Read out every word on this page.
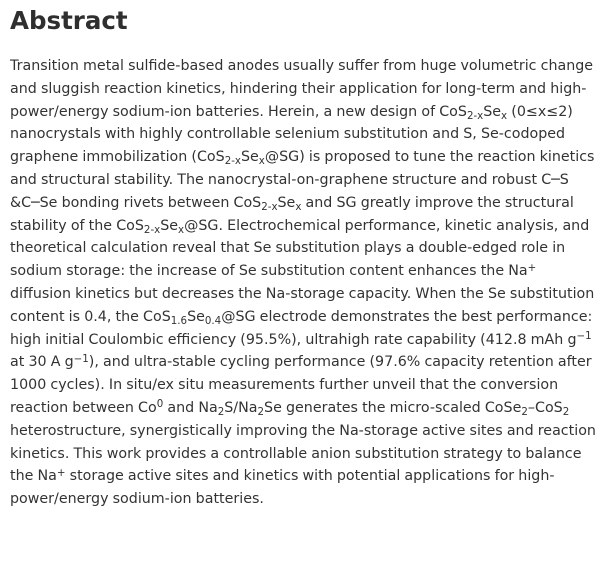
Abstract

Transition metal sulfide-based anodes usually suffer from huge volumetric change and sluggish reaction kinetics, hindering their application for long-term and high-power/energy sodium-ion batteries. Herein, a new design of $CoS_{2-x}Se_x$ (0≤x≤2) nanocrystals with highly controllable selenium substitution and S, Se-codoped graphene immobilization $(CoS_{2-x}Se_x@SG)$ is proposed to tune the reaction kinetics and structural stability. The nanocrystal-on-graphene structure and robust C─S &C─Se bonding rivets between $CoS_{2-x}Se_x$ and SG greatly improve the structural stability of the $CoS_{2-x}Se_x@SG$. Electrochemical performance, kinetic analysis, and theoretical calculation reveal that Se substitution plays a double-edged role in sodium storage: the increase of Se substitution content enhances the Na+ diffusion kinetics but decreases the Na-storage capacity. When the Se substitution content is 0.4, the $CoS_{1.6}Se_{0.4}@SG$ electrode demonstrates the best performance: high initial Coulombic efficiency (95.5%), ultrahigh rate capability (412.8 mAh $g^{-1}$ at 30 A $g^{-1}$), and ultra-stable cycling performance (97.6% capacity retention after 1000 cycles). In situ/ex situ measurements further unveil that the conversion reaction between Co$^0$ and $Na_2S/Na_2Se$ generates the micro-scaled CoSe$_2$–CoS$_2$ heterostructure, synergistically improving the Na-storage active sites and reaction kinetics. This work provides a controllable anion substitution strategy to balance the Na+ storage active sites and kinetics with potential applications for high-power/energy sodium-ion batteries.
